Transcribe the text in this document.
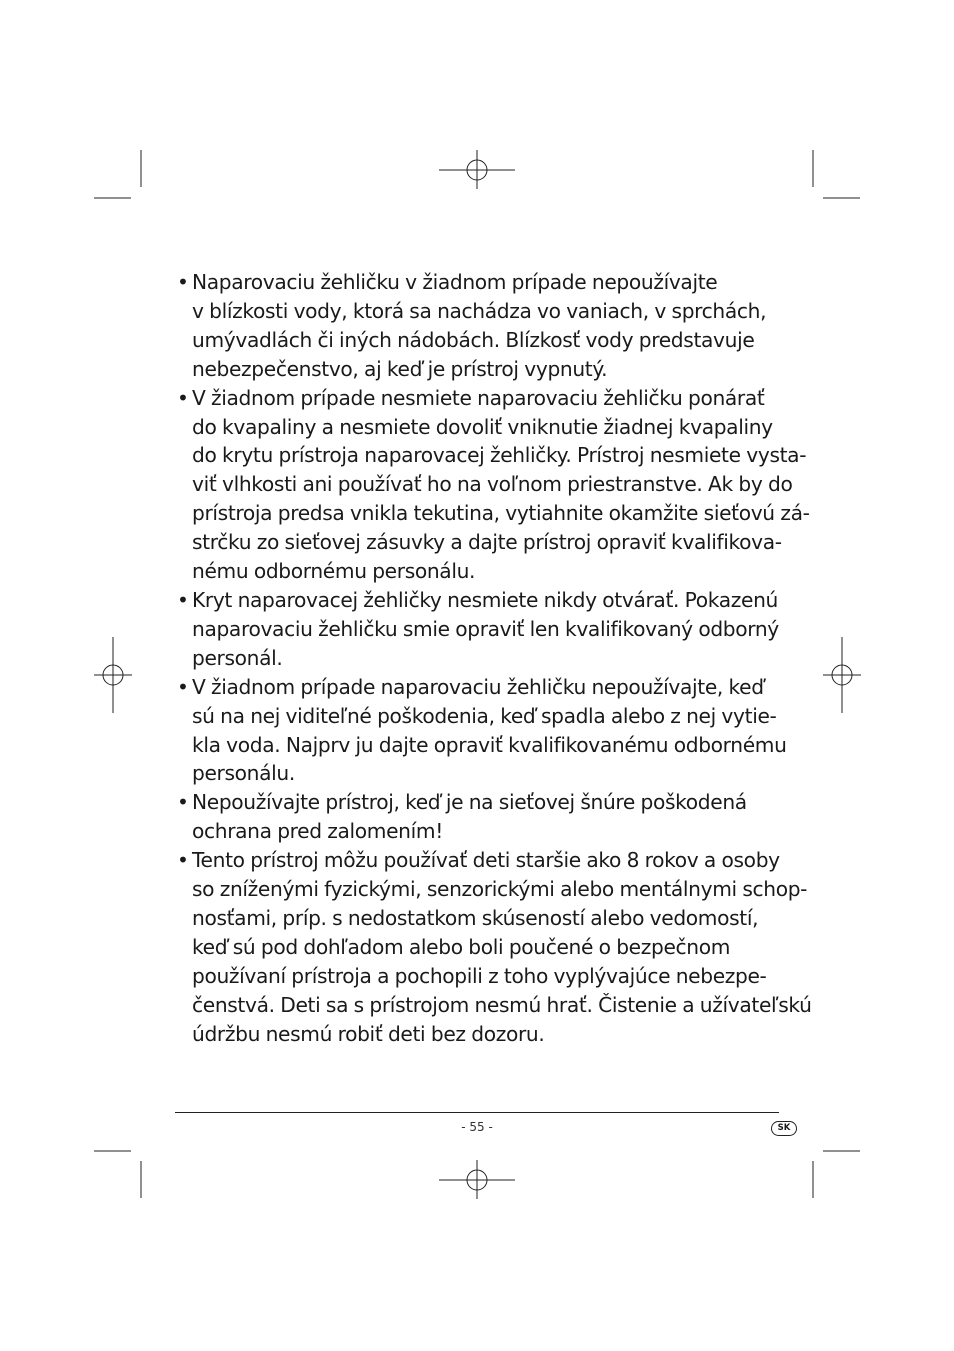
• Naparovaciu žehličku v žiadnom prípade nepoužívajte
v blízkosti vody, ktorá sa nachádza vo vaniach, v sprchách,
umývadlách či iných nádobách. Blízkosť vody predstavuje
nebezpečenstvo, aj keď je prístroj vypnutý.
• V žiadnom prípade nesmiete naparovaciu žehličku ponárať
do kvapaliny a nesmiete dovoliť vniknutie žiadnej kvapaliny
do krytu prístroja naparovacej žehličky. Prístroj nesmiete vysta-
viť vlhkosti ani používať ho na voľnom priestranstve. Ak by do
prístroja predsa vnikla tekutina, vytiahnite okamžite sieťovú zá-
strčku zo sieťovej zásuvky a dajte prístroj opraviť kvalifikova-
nému odbornému personálu.
• Kryt naparovacej žehličky nesmiete nikdy otvárať. Pokazenú
naparovaciu žehličku smie opraviť len kvalifikovaný odborný
personál.
• V žiadnom prípade naparovaciu žehličku nepoužívajte, keď
sú na nej viditeľné poškodenia, keď spadla alebo z nej vytie-
kla voda. Najprv ju dajte opraviť kvalifikovanému odbornému
personálu.
• Nepoužívajte prístroj, keď je na sieťovej šnúre poškodená
ochrana pred zalomením!
• Tento prístroj môžu používať deti staršie ako 8 rokov a osoby
so zníženými fyzickými, senzorickými alebo mentálnymi schop-
nosťami, príp. s nedostatkom skúseností alebo vedomostí,
keď sú pod dohľadom alebo boli poučené o bezpečnom
používaní prístroja a pochopili z toho vyplývajúce nebezpe-
čenstvá. Deti sa s prístrojom nesmú hrať. Čistenie a užívateľskú
údržbu nesmú robiť deti bez dozoru.
- 55 -	SK
